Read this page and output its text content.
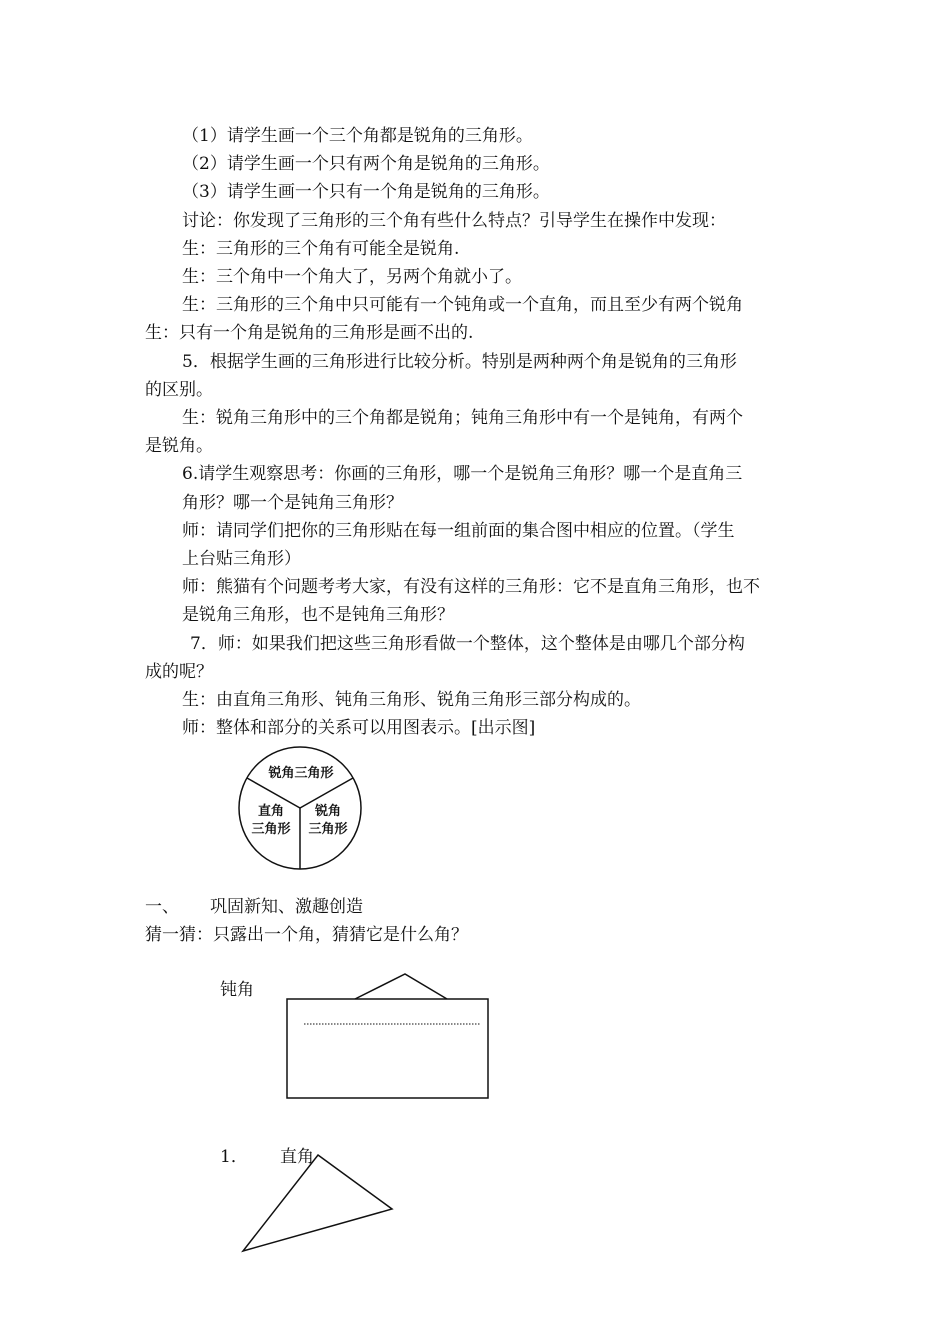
（1）请学生画一个三个角都是锐角的三角形。
（2）请学生画一个只有两个角是锐角的三角形。
（3）请学生画一个只有一个角是锐角的三角形。
讨论：你发现了三角形的三个角有些什么特点？引导学生在操作中发现：
生：三角形的三个角有可能全是锐角.
生：三个角中一个角大了，另两个角就小了。
生：三角形的三个角中只可能有一个钝角或一个直角，而且至少有两个锐角
生：只有一个角是锐角的三角形是画不出的.
5．根据学生画的三角形进行比较分析。特别是两种两个角是锐角的三角形
的区别。
生：锐角三角形中的三个角都是锐角；钝角三角形中有一个是钝角，有两个
是锐角。
6.请学生观察思考：你画的三角形，哪一个是锐角三角形？哪一个是直角三
角形？哪一个是钝角三角形？
师：请同学们把你的三角形贴在每一组前面的集合图中相应的位置。（学生
上台贴三角形）
师：熊猫有个问题考考大家，有没有这样的三角形：它不是直角三角形，也不
是锐角三角形，也不是钝角三角形？
7．师：如果我们把这些三角形看做一个整体，这个整体是由哪几个部分构
成的呢？
生：由直角三角形、钝角三角形、锐角三角形三部分构成的。
师：整体和部分的关系可以用图表示。[出示图]
锐角三角形
直角
三角形
锐角
三角形
一、 巩固新知、激趣创造
猜一猜：只露出一个角，猜猜它是什么角？
钝角
1． 直角
